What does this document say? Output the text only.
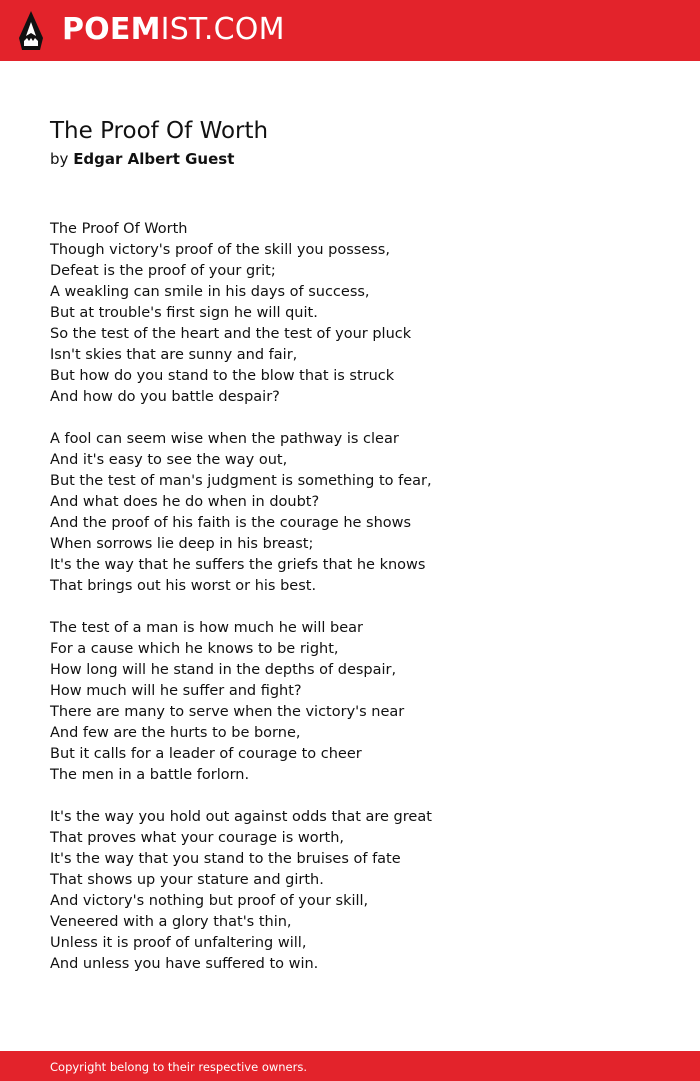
POEMIST.COM
The Proof Of Worth
by Edgar Albert Guest
The Proof Of Worth
Though victory's proof of the skill you possess,
Defeat is the proof of your grit;
A weakling can smile in his days of success,
But at trouble's first sign he will quit.
So the test of the heart and the test of your pluck
Isn't skies that are sunny and fair,
But how do you stand to the blow that is struck
And how do you battle despair?
A fool can seem wise when the pathway is clear
And it's easy to see the way out,
But the test of man's judgment is something to fear,
And what does he do when in doubt?
And the proof of his faith is the courage he shows
When sorrows lie deep in his breast;
It's the way that he suffers the griefs that he knows
That brings out his worst or his best.
The test of a man is how much he will bear
For a cause which he knows to be right,
How long will he stand in the depths of despair,
How much will he suffer and fight?
There are many to serve when the victory's near
And few are the hurts to be borne,
But it calls for a leader of courage to cheer
The men in a battle forlorn.
It's the way you hold out against odds that are great
That proves what your courage is worth,
It's the way that you stand to the bruises of fate
That shows up your stature and girth.
And victory's nothing but proof of your skill,
Veneered with a glory that's thin,
Unless it is proof of unfaltering will,
And unless you have suffered to win.
Copyright belong to their respective owners.
